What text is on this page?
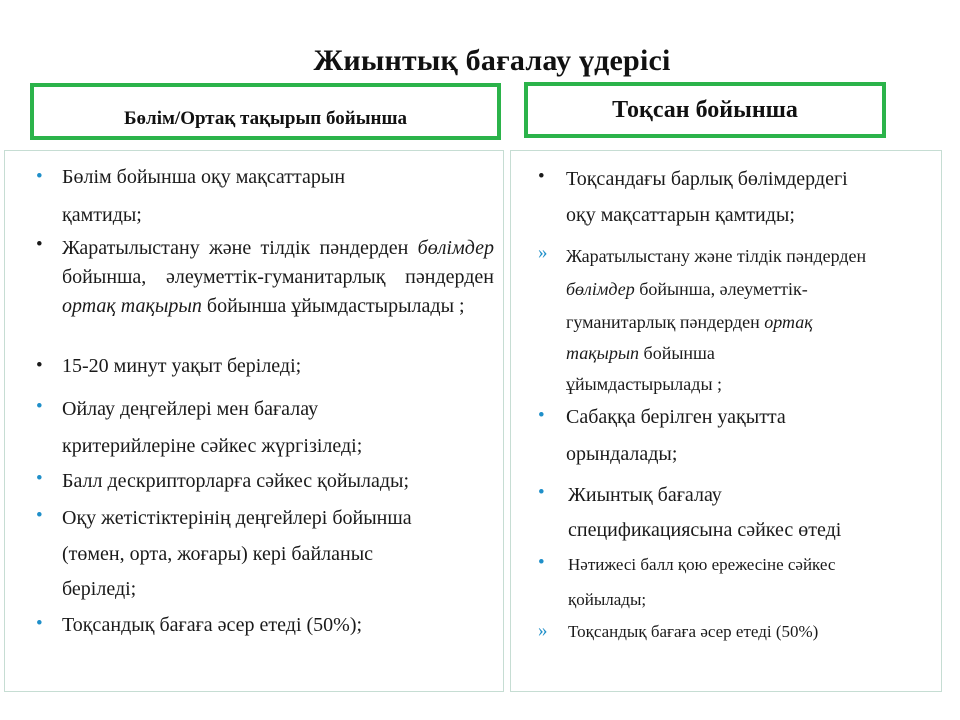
Жиынтық бағалау үдерісі
Бөлім/Ортақ тақырып бойынша	Тоқсан бойынша
• Бөлім бойынша оқу мақсаттарын
қамтиды;
• Жаратылыстану және тілдік пәндерден бөлімдер бойынша, әлеуметтік-гуманитарлық пәндерден ортақ тақырып бойынша ұйымдастырылады ;
• 15-20 минут уақыт беріледі;
• Ойлау деңгейлері мен бағалау
критерийлеріне сәйкес жүргізіледі;
• Балл дескрипторларға сәйкес қойылады;
• Оқу жетістіктерінің деңгейлері бойынша
(төмен, орта, жоғары) кері байланыс
беріледі;
• Тоқсандық бағаға әсер етеді (50%);
• Тоқсандағы барлық бөлімдердегі
оқу мақсаттарын қамтиды;
» Жаратылыстану және тілдік пәндерден
бөлімдер бойынша, әлеуметтік-
гуманитарлық пәндерден ортақ
тақырып бойынша
ұйымдастырылады ;
• Сабаққа берілген уақытта
орындалады;
• Жиынтық бағалау
спецификациясына сәйкес өтеді
• Нәтижесі балл қою ережесіне сәйкес
қойылады;
» Тоқсандық бағаға әсер етеді (50%)
